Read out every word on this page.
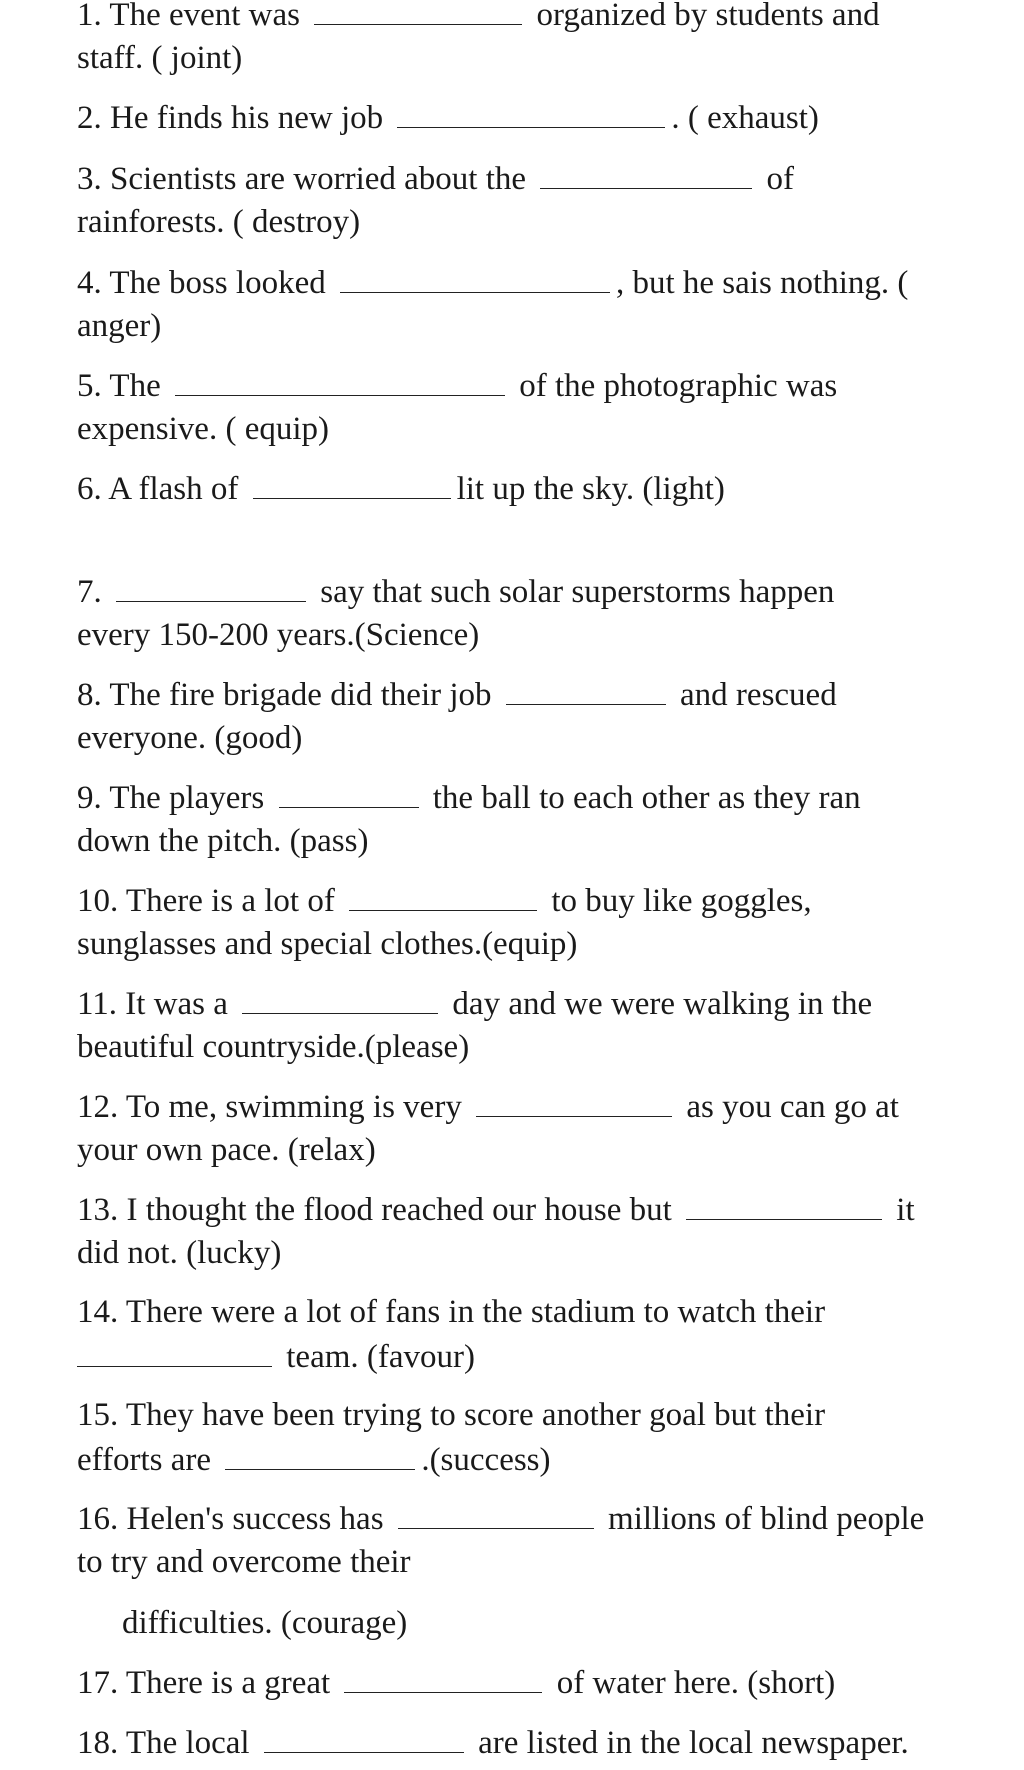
1. The event was	organized by students and
staff. ( joint)
2. He finds his new job	. ( exhaust)
3. Scientists are worried about the	of
rainforests. ( destroy)
4. The boss looked	, but he sais nothing. (
anger)
5. The	of the photographic was
expensive. ( equip)
6. A flash of	lit up the sky. (light)
7.	say that such solar superstorms happen
every 150-200 years.(Science)
8. The fire brigade did their job	and rescued
everyone. (good)
9. The players	the ball to each other as they ran
down the pitch. (pass)
10. There is a lot of	to buy like goggles,
sunglasses and special clothes.(equip)
11. It was a	day and we were walking in the
beautiful countryside.(please)
12. To me, swimming is very	as you can go at
your own pace. (relax)
13. I thought the flood reached our house but	it
did not. (lucky)
14. There were a lot of fans in the stadium to watch their
team. (favour)
15. They have been trying to score another goal but their
efforts are	.(success)
16. Helen's success has	millions of blind people
to try and overcome their
difficulties. (courage)
17. There is a great	of water here. (short)
18. The local	are listed in the local newspaper.
